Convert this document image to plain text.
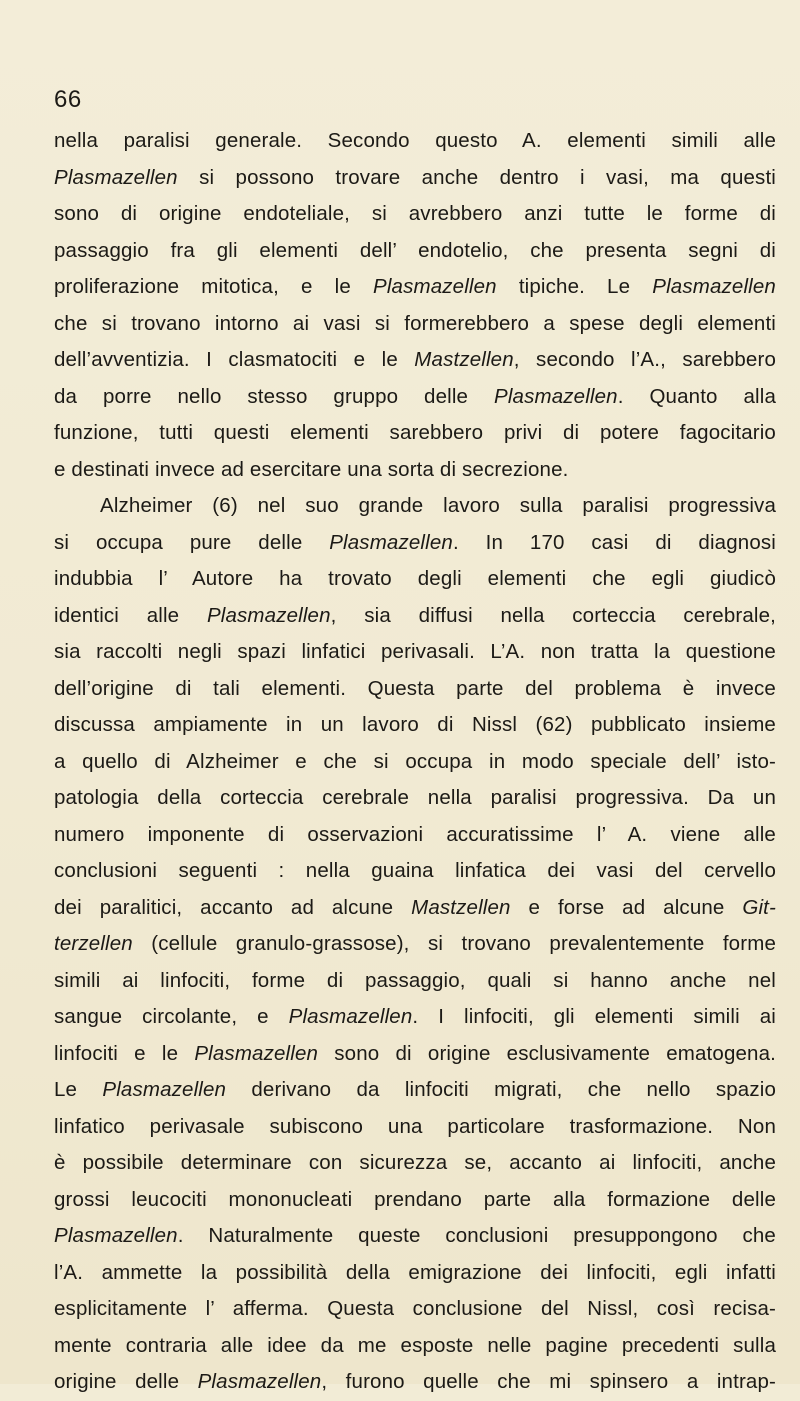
66
nella paralisi generale. Secondo questo A. elementi simili alle
Plasmazellen si possono trovare anche dentro i vasi, ma questi
sono di origine endoteliale, si avrebbero anzi tutte le forme di
passaggio fra gli elementi dell’ endotelio, che presenta segni di
proliferazione mitotica, e le Plasmazellen tipiche. Le Plasmazellen
che si trovano intorno ai vasi si formerebbero a spese degli elementi
dell’avventizia. I clasmatociti e le Mastzellen, secondo l’A., sarebbero
da porre nello stesso gruppo delle Plasmazellen. Quanto alla
funzione, tutti questi elementi sarebbero privi di potere fagocitario
e destinati invece ad esercitare una sorta di secrezione.
Alzheimer (6) nel suo grande lavoro sulla paralisi progressiva
si occupa pure delle Plasmazellen. In 170 casi di diagnosi
indubbia l’ Autore ha trovato degli elementi che egli giudicò
identici alle Plasmazellen, sia diffusi nella corteccia cerebrale,
sia raccolti negli spazi linfatici perivasali. L’A. non tratta la questione
dell’origine di tali elementi. Questa parte del problema è invece
discussa ampiamente in un lavoro di Nissl (62) pubblicato insieme
a quello di Alzheimer e che si occupa in modo speciale dell’ isto-
patologia della corteccia cerebrale nella paralisi progressiva. Da un
numero imponente di osservazioni accuratissime l’ A. viene alle
conclusioni seguenti : nella guaina linfatica dei vasi del cervello
dei paralitici, accanto ad alcune Mastzellen e forse ad alcune Git-
terzellen (cellule granulo-grassose), si trovano prevalentemente forme
simili ai linfociti, forme di passaggio, quali si hanno anche nel
sangue circolante, e Plasmazellen. I linfociti, gli elementi simili ai
linfociti e le Plasmazellen sono di origine esclusivamente ematogena.
Le Plasmazellen derivano da linfociti migrati, che nello spazio
linfatico perivasale subiscono una particolare trasformazione. Non
è possibile determinare con sicurezza se, accanto ai linfociti, anche
grossi leucociti mononucleati prendano parte alla formazione delle
Plasmazellen. Naturalmente queste conclusioni presuppongono che
l’A. ammette la possibilità della emigrazione dei linfociti, egli infatti
esplicitamente l’ afferma. Questa conclusione del Nissl, così recisa-
mente contraria alle idee da me esposte nelle pagine precedenti sulla
origine delle Plasmazellen, furono quelle che mi spinsero a intrap-
